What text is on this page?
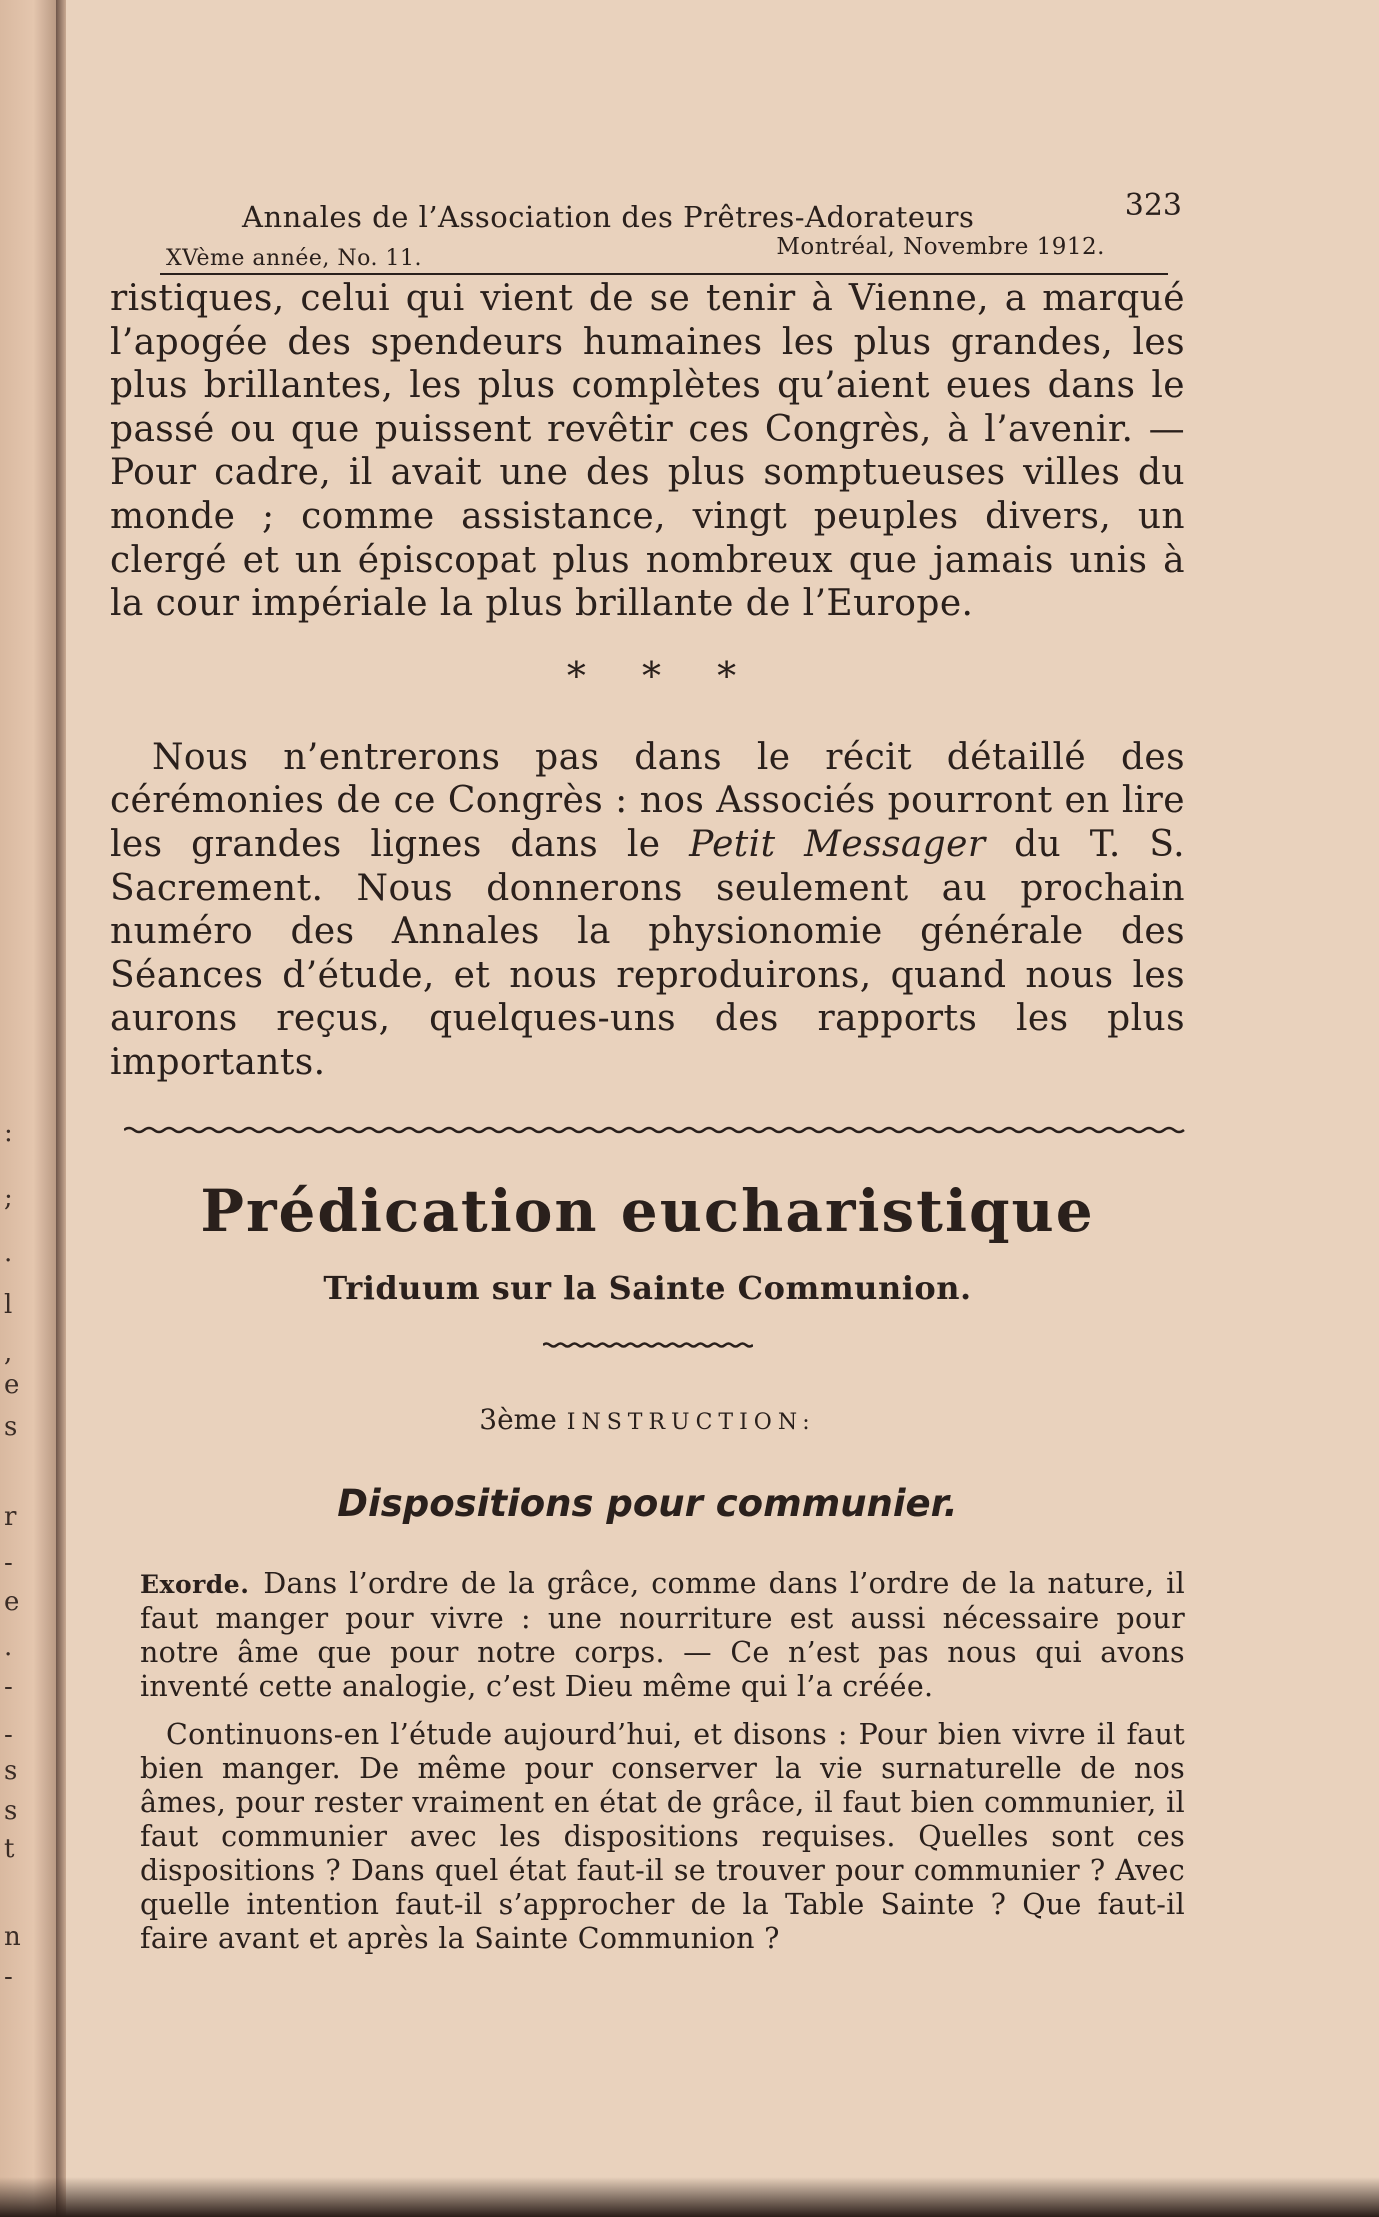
:
;
.
l
,
e
s
r
-
e
.
-
-
s
s
t
n
-
Annales de l’Association des Prêtres-Adorateurs	323
XVème année, No. 11.	Montréal, Novembre 1912.

ristiques, celui qui vient de se tenir à Vienne, a marqué l’apogée des spendeurs humaines les plus grandes, les plus brillantes, les plus complètes qu’aient eues dans le passé ou que puissent revêtir ces Congrès, à l’avenir. — Pour cadre, il avait une des plus somptueuses villes du monde ; comme assistance, vingt peuples divers, un clergé et un épiscopat plus nombreux que jamais unis à la cour impériale la plus brillante de l’Europe.

* * *

Nous n’entrerons pas dans le récit détaillé des cérémonies de ce Congrès : nos Associés pourront en lire les grandes lignes dans le Petit Messager du T. S. Sacrement. Nous donnerons seulement au prochain numéro des Annales la physionomie générale des Séances d’étude, et nous reproduirons, quand nous les aurons reçus, quelques-uns des rapports les plus importants.

Prédication eucharistique
Triduum sur la Sainte Communion.
3ème INSTRUCTION:
Dispositions pour communier.

Exorde. Dans l’ordre de la grâce, comme dans l’ordre de la nature, il faut manger pour vivre : une nourriture est aussi nécessaire pour notre âme que pour notre corps. — Ce n’est pas nous qui avons inventé cette analogie, c’est Dieu même qui l’a créée.

Continuons-en l’étude aujourd’hui, et disons : Pour bien vivre il faut bien manger. De même pour conserver la vie surnaturelle de nos âmes, pour rester vraiment en état de grâce, il faut bien communier, il faut communier avec les dispositions requises. Quelles sont ces dispositions ? Dans quel état faut-il se trouver pour communier ? Avec quelle intention faut-il s’approcher de la Table Sainte ? Que faut-il faire avant et après la Sainte Communion ?
